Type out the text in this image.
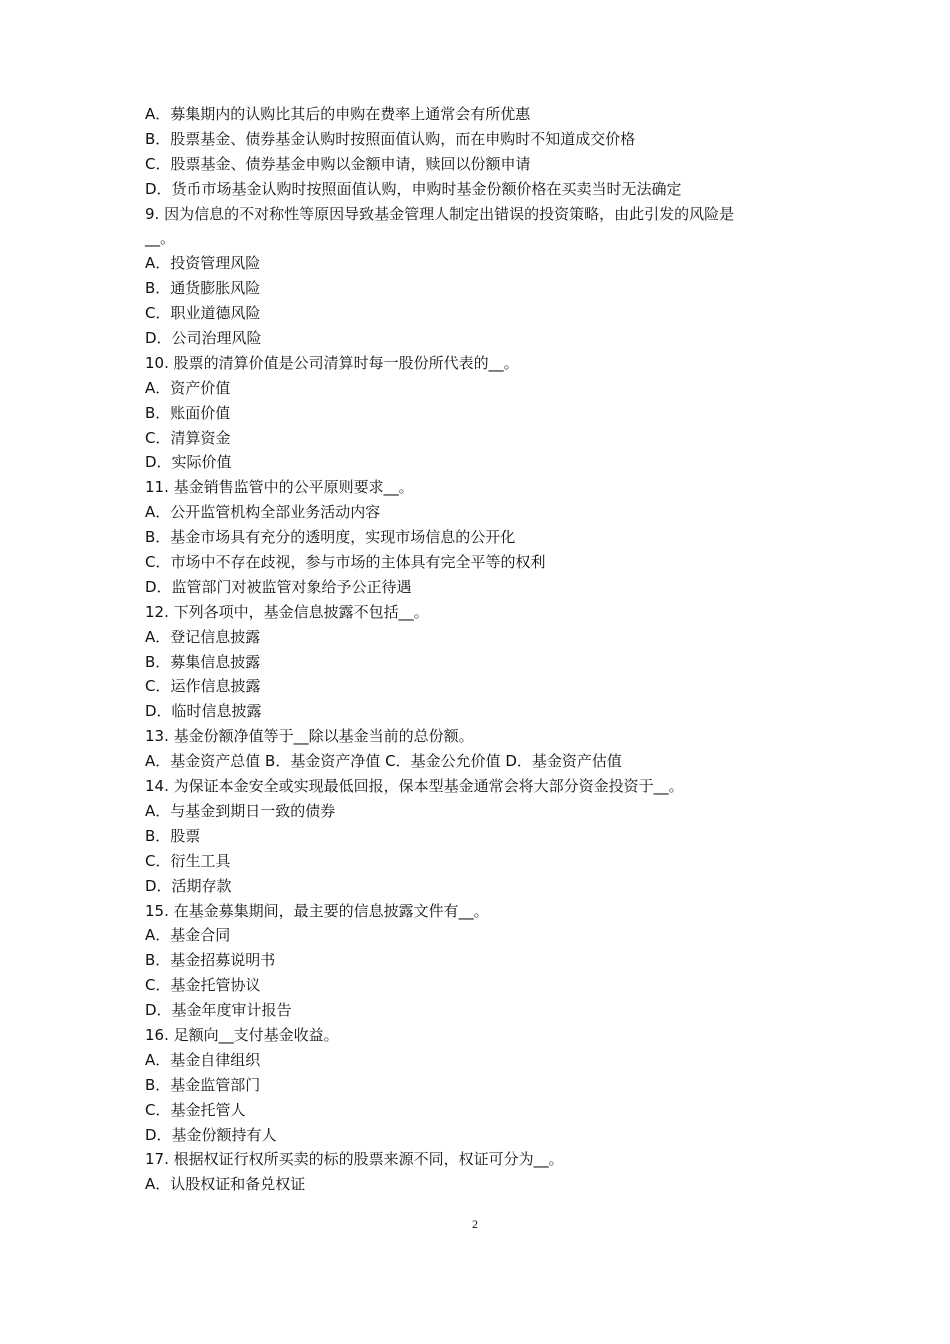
A．募集期内的认购比其后的申购在费率上通常会有所优惠
B．股票基金、债券基金认购时按照面值认购，而在申购时不知道成交价格
C．股票基金、债券基金申购以金额申请，赎回以份额申请
D．货币市场基金认购时按照面值认购，申购时基金份额价格在买卖当时无法确定
9. 因为信息的不对称性等原因导致基金管理人制定出错误的投资策略，由此引发的风险是
__。
A．投资管理风险
B．通货膨胀风险
C．职业道德风险
D．公司治理风险
10. 股票的清算价值是公司清算时每一股份所代表的__。
A．资产价值
B．账面价值
C．清算资金
D．实际价值
11. 基金销售监管中的公平原则要求__。
A．公开监管机构全部业务活动内容
B．基金市场具有充分的透明度，实现市场信息的公开化
C．市场中不存在歧视，参与市场的主体具有完全平等的权利
D．监管部门对被监管对象给予公正待遇
12. 下列各项中，基金信息披露不包括__。
A．登记信息披露
B．募集信息披露
C．运作信息披露
D．临时信息披露
13. 基金份额净值等于__除以基金当前的总份额。
A．基金资产总值 B．基金资产净值 C．基金公允价值 D．基金资产估值
14. 为保证本金安全或实现最低回报，保本型基金通常会将大部分资金投资于__。
A．与基金到期日一致的债券
B．股票
C．衍生工具
D．活期存款
15. 在基金募集期间，最主要的信息披露文件有__。
A．基金合同
B．基金招募说明书
C．基金托管协议
D．基金年度审计报告
16. 足额向__支付基金收益。
A．基金自律组织
B．基金监管部门
C．基金托管人
D．基金份额持有人
17. 根据权证行权所买卖的标的股票来源不同，权证可分为__。
A．认股权证和备兑权证
2
